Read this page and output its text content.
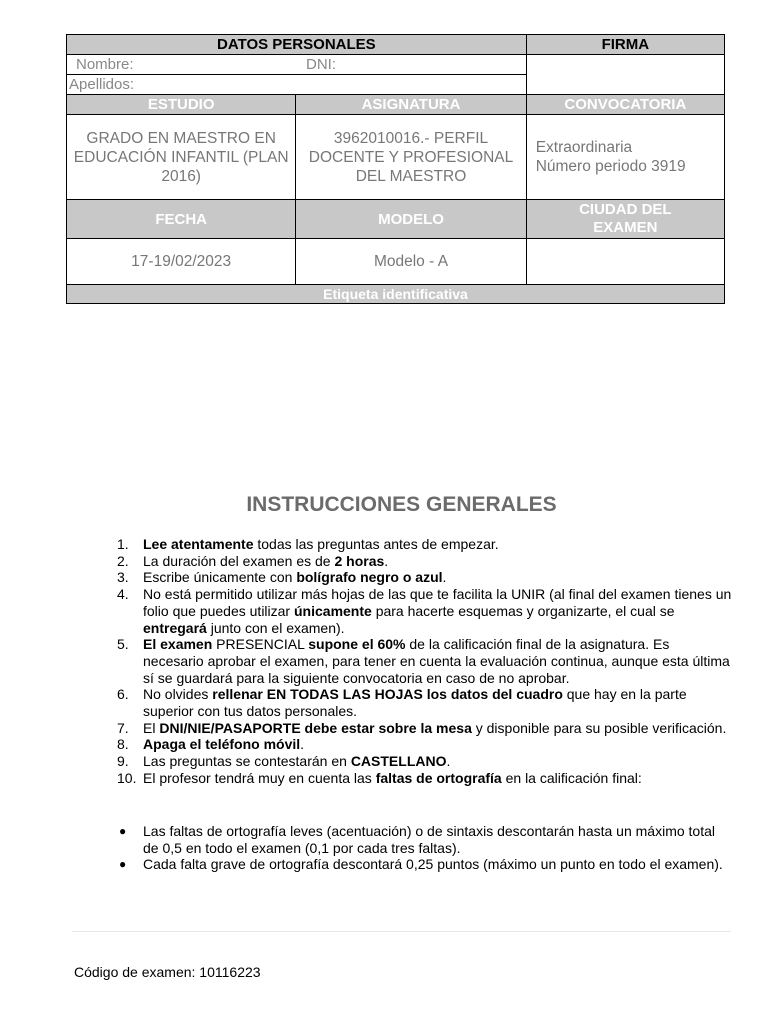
DATOS PERSONALES		FIRMA
Nombre: DNI:		
Apellidos:		
ESTUDIO	ASIGNATURA	CONVOCATORIA
GRADO EN MAESTRO EN EDUCACIÓN INFANTIL (PLAN 2016)	3962010016.- PERFIL DOCENTE Y PROFESIONAL DEL MAESTRO	Extraordinaria
Número periodo 3919

FECHA	MODELO	CIUDAD DEL EXAMEN
17-19/02/2023	Modelo - A	
Etiqueta identificativa		
INSTRUCCIONES GENERALES
1. Lee atentamente todas las preguntas antes de empezar.
2. La duración del examen es de 2 horas.
3. Escribe únicamente con bolígrafo negro o azul.
4. No está permitido utilizar más hojas de las que te facilita la UNIR (al final del examen tienes un folio que puedes utilizar únicamente para hacerte esquemas y organizarte, el cual se entregará junto con el examen).
5. El examen PRESENCIAL supone el 60% de la calificación final de la asignatura. Es necesario aprobar el examen, para tener en cuenta la evaluación continua, aunque esta última sí se guardará para la siguiente convocatoria en caso de no aprobar.
6. No olvides rellenar EN TODAS LAS HOJAS los datos del cuadro que hay en la parte superior con tus datos personales.
7. El DNI/NIE/PASAPORTE debe estar sobre la mesa y disponible para su posible verificación.
8. Apaga el teléfono móvil.
9. Las preguntas se contestarán en CASTELLANO.
10. El profesor tendrá muy en cuenta las faltas de ortografía en la calificación final:
● Las faltas de ortografía leves (acentuación) o de sintaxis descontarán hasta un máximo total de 0,5 en todo el examen (0,1 por cada tres faltas).
● Cada falta grave de ortografía descontará 0,25 puntos (máximo un punto en todo el examen).
Código de examen: 10116223
